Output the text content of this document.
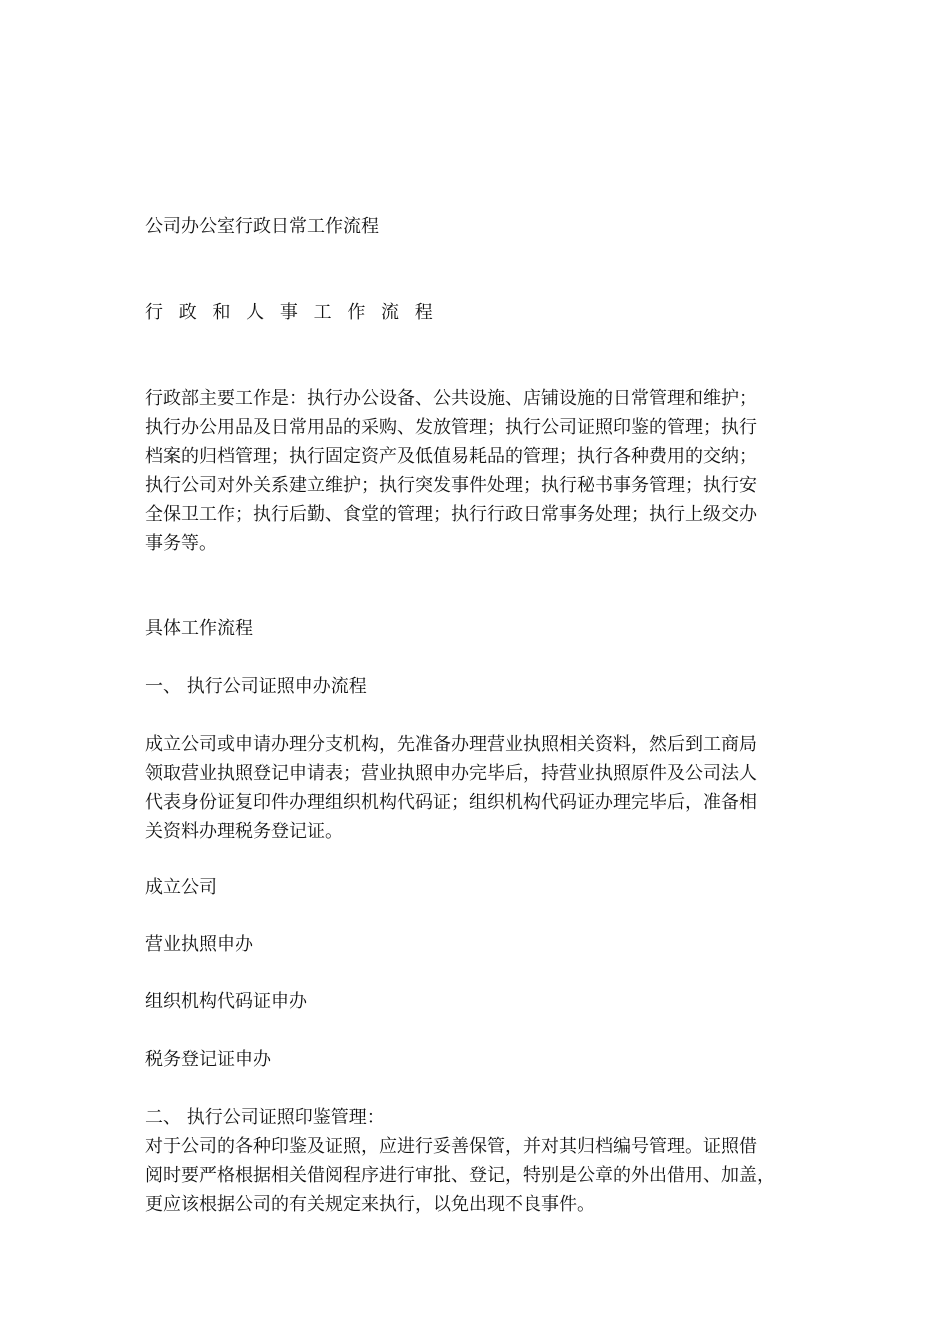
公司办公室行政日常工作流程
行 政 和 人 事 工 作 流 程
行政部主要工作是：执行办公设备、公共设施、店铺设施的日常管理和维护；
执行办公用品及日常用品的采购、发放管理；执行公司证照印鉴的管理；执行
档案的归档管理；执行固定资产及低值易耗品的管理；执行各种费用的交纳；
执行公司对外关系建立维护；执行突发事件处理；执行秘书事务管理；执行安
全保卫工作；执行后勤、食堂的管理；执行行政日常事务处理；执行上级交办
事务等。
具体工作流程
一、 执行公司证照申办流程
成立公司或申请办理分支机构，先准备办理营业执照相关资料，然后到工商局
领取营业执照登记申请表；营业执照申办完毕后，持营业执照原件及公司法人
代表身份证复印件办理组织机构代码证；组织机构代码证办理完毕后，准备相
关资料办理税务登记证。
成立公司
营业执照申办
组织机构代码证申办
税务登记证申办
二、 执行公司证照印鉴管理：
对于公司的各种印鉴及证照，应进行妥善保管，并对其归档编号管理。证照借
阅时要严格根据相关借阅程序进行审批、登记，特别是公章的外出借用、加盖，
更应该根据公司的有关规定来执行，以免出现不良事件。
